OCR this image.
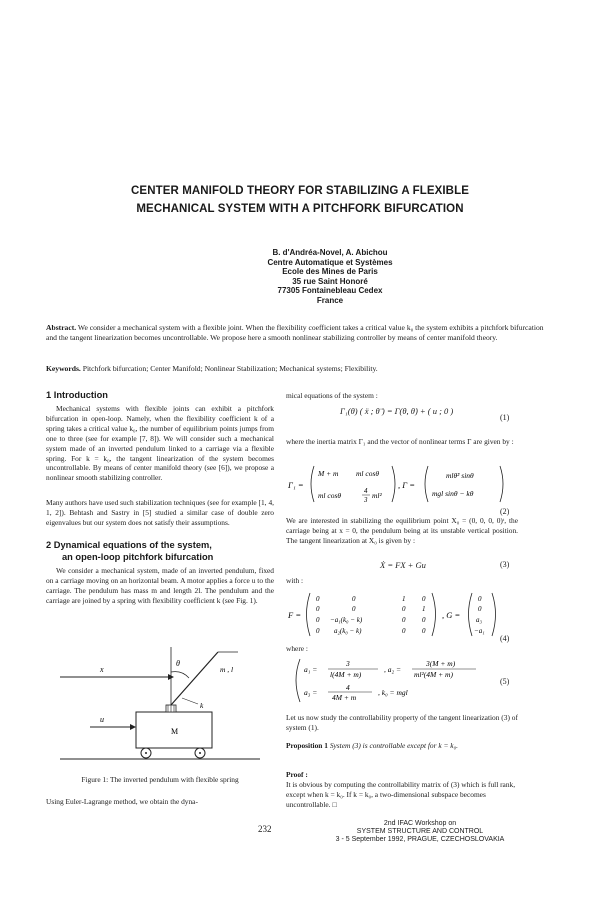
CENTER MANIFOLD THEORY FOR STABILIZING A FLEXIBLE
MECHANICAL SYSTEM WITH A PITCHFORK BIFURCATION
B. d'Andréa-Novel, A. Abichou
Centre Automatique et Systèmes
Ecole des Mines de Paris
35 rue Saint Honoré
77305 Fontainebleau Cedex
France
Abstract. We consider a mechanical system with a flexible joint. When the flexibility coefficient takes a critical value k₀ the system exhibits a pitchfork bifurcation and the tangent linearization becomes uncontrollable. We propose here a smooth nonlinear stabilizing controller by means of center manifold theory.
Keywords. Pitchfork bifurcation; Center Manifold; Nonlinear Stabilization; Mechanical systems; Flexibility.
1 Introduction
Mechanical systems with flexible joints can exhibit a pitchfork bifurcation in open-loop. Namely, when the flexibility coefficient k of a spring takes a critical value k₀, the number of equilibrium points jumps from one to three (see for example [7, 8]). We will consider such a mechanical system made of an inverted pendulum linked to a carriage via a flexible spring. For k = k₀, the tangent linearization of the system becomes uncontrollable. By means of center manifold theory (see [6]), we propose a nonlinear smooth stabilizing controller.
Many authors have used such stabilization techniques (see for example [1, 4, 1, 2]). Behtash and Sastry in [5] studied a similar case of double zero eigenvalues but our system does not satisfy their assumptions.
2 Dynamical equations of the system,
an open-loop pitchfork bifurcation
We consider a mechanical system, made of an inverted pendulum, fixed on a carriage moving on an horizontal beam. A motor applies a force u to the carriage. The pendulum has mass m and length 2l. The pendulum and the carriage are joined by a spring with flexibility coefficient k (see Fig. 1).
x
u
M
θ
m , l
k
Figure 1: The inverted pendulum with flexible spring
Using Euler-Lagrange method, we obtain the dyna-
mical equations of the system :
Γ₁(θ) ( ẍ ; θ̈ ) = Γ(θ, θ̇) + ( u ; 0 )
(1)
where the inertia matrix Γ₁ and the vector of nonlinear terms Γ are given by :
Γ₁ =
M + m ml cosθ
ml cosθ	4
3 ml²
, Γ =
mlθ̇² sinθ
mgl sinθ − kθ
(2)
We are interested in stabilizing the equilibrium point X₀ = (0, 0, 0, 0)ᵗ, the carriage being at x = 0, the pendulum being at its unstable vertical position. The tangent linearization at X₀ is given by :
Ẋ = FX + Gu	(3)
with :
F =
0	0	1 0
0	0	0 1
0 −a₁(k₀ − k)	0 0
0 a₂(k₀ − k)	0 0
, G =
0
0
a₃
−a₁
(4)
where :
a₁ =
3
l(4M + m)
, a₂ =
3(M + m)
ml²(4M + m)
a₃ =
4
4M + m
, k₀ = mgl
(5)
Let us now study the controllability property of the tangent linearization (3) of system (1).
Proposition 1 System (3) is controllable except for k = k₀.
Proof :
It is obvious by computing the controllability matrix of (3) which is full rank, except when k = k₀. If k = k₀, a two-dimensional subspace becomes uncontrollable. □
232
2nd IFAC Workshop on
SYSTEM STRUCTURE AND CONTROL
3 - 5 September 1992, PRAGUE, CZECHOSLOVAKIA
